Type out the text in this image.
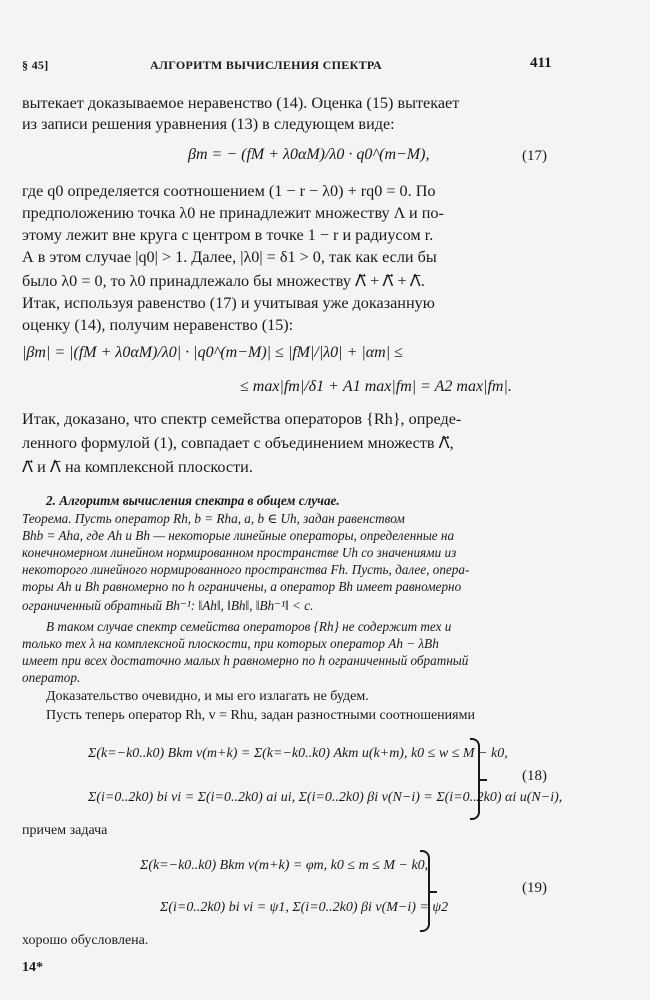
§ 45]	АЛГОРИТМ ВЫЧИСЛЕНИЯ СПЕКТРА	411
вытекает доказываемое неравенство (14). Оценка (15) вытекает
из записи решения уравнения (13) в следующем виде:
βm = − (fM + λ0αM)/λ0 · q0^(m−M),	(17)
где q0 определяется соотношением (1 − r − λ0) + rq0 = 0. По
предположению точка λ0 не принадлежит множеству Λ и по-
этому лежит вне круга с центром в точке 1 − r и радиусом r.
А в этом случае |q0| > 1. Далее, |λ0| = δ1 > 0, так как если бы
было λ0 = 0, то λ0 принадлежало бы множеству Λ⃡ + Λ⃗ + Λ⃖.
Итак, используя равенство (17) и учитывая уже доказанную
оценку (14), получим неравенство (15):
|βm| = |(fM + λ0αM)/λ0| · |q0^(m−M)| ≤ |fM|/|λ0| + |αm| ≤
≤ max|fm|/δ1 + A1 max|fm| = A2 max|fm|.
Итак, доказано, что спектр семейства операторов {Rh}, опреде-
ленного формулой (1), совпадает с объединением множеств Λ⃡,
Λ⃗ и Λ⃖ на комплексной плоскости.
2. Алгоритм вычисления спектра в общем случае.
Теорема. Пусть оператор Rh, b = Rha, a, b ∈ Uh, задан равенством
Bhb = Aha, где Ah и Bh — некоторые линейные операторы, определенные на
конечномерном линейном нормированном пространстве Uh со значениями из
некоторого линейного нормированного пространства Fh. Пусть, далее, опера-
торы Ah и Bh равномерно по h ограничены, а оператор Bh имеет равномерно
ограниченный обратный Bh⁻¹: ‖Ah‖, ‖Bh‖, ‖Bh⁻¹‖ < c.
В таком случае спектр семейства операторов {Rh} не содержит тех и
только тех λ на комплексной плоскости, при которых оператор Ah − λBh
имеет при всех достаточно малых h равномерно по h ограниченный обратный
оператор.
Доказательство очевидно, и мы его излагать не будем.
Пусть теперь оператор Rh, v = Rhu, задан разностными соотношениями
Σ(k=−k0..k0) Bkm v(m+k) = Σ(k=−k0..k0) Akm u(k+m), k0 ≤ w ≤ M − k0,
Σ(i=0..2k0) bi vi = Σ(i=0..2k0) ai ui, Σ(i=0..2k0) βi v(N−i) = Σ(i=0..2k0) αi u(N−i),
(18)
причем задача
Σ(k=−k0..k0) Bkm v(m+k) = φm, k0 ≤ m ≤ M − k0,
Σ(i=0..2k0) bi vi = ψ1, Σ(i=0..2k0) βi v(M−i) = ψ2
(19)
хорошо обусловлена.
14*
